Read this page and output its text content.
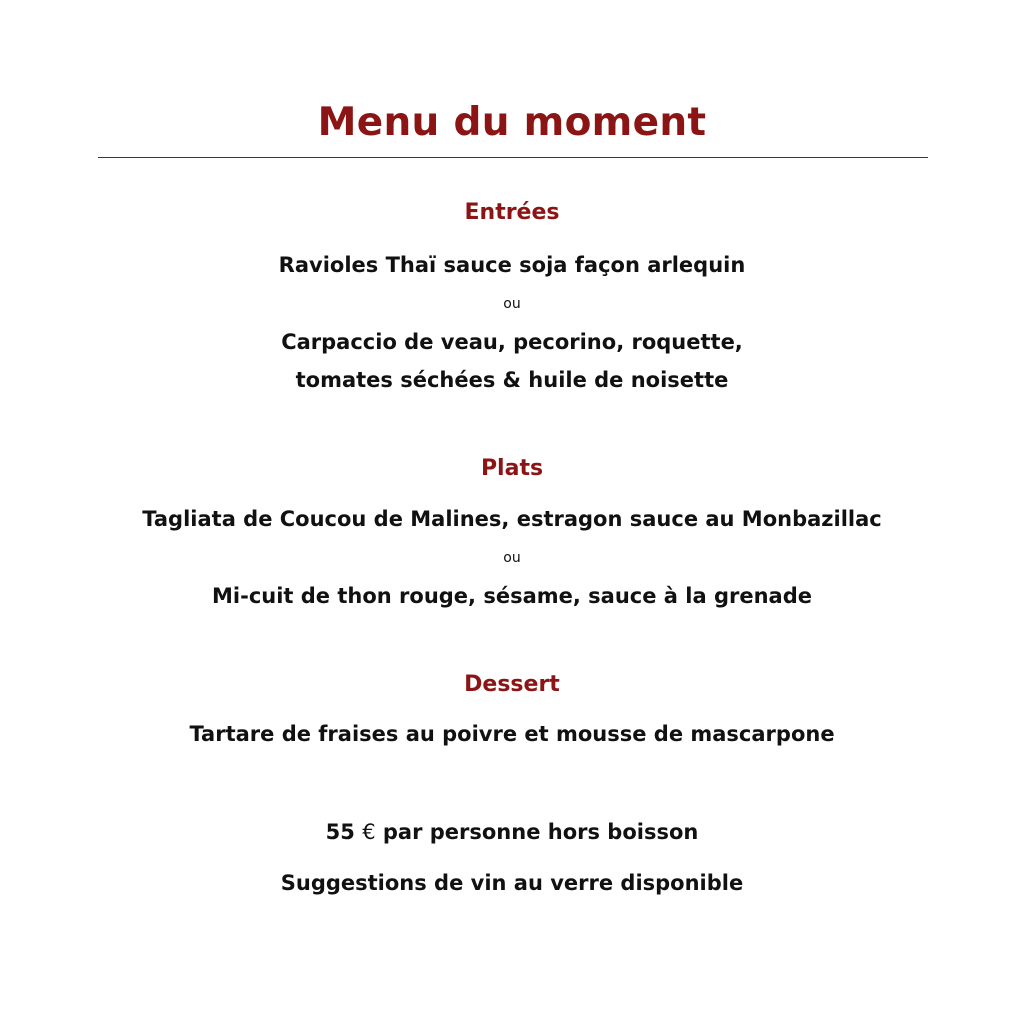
Menu du moment
Entrées
Ravioles Thaï sauce soja façon arlequin
ou
Carpaccio de veau, pecorino, roquette,
tomates séchées & huile de noisette
Plats
Tagliata de Coucou de Malines, estragon sauce au Monbazillac
ou
Mi-cuit de thon rouge, sésame, sauce à la grenade
Dessert
Tartare de fraises au poivre et mousse de mascarpone
55 € par personne hors boisson
Suggestions de vin au verre disponible
